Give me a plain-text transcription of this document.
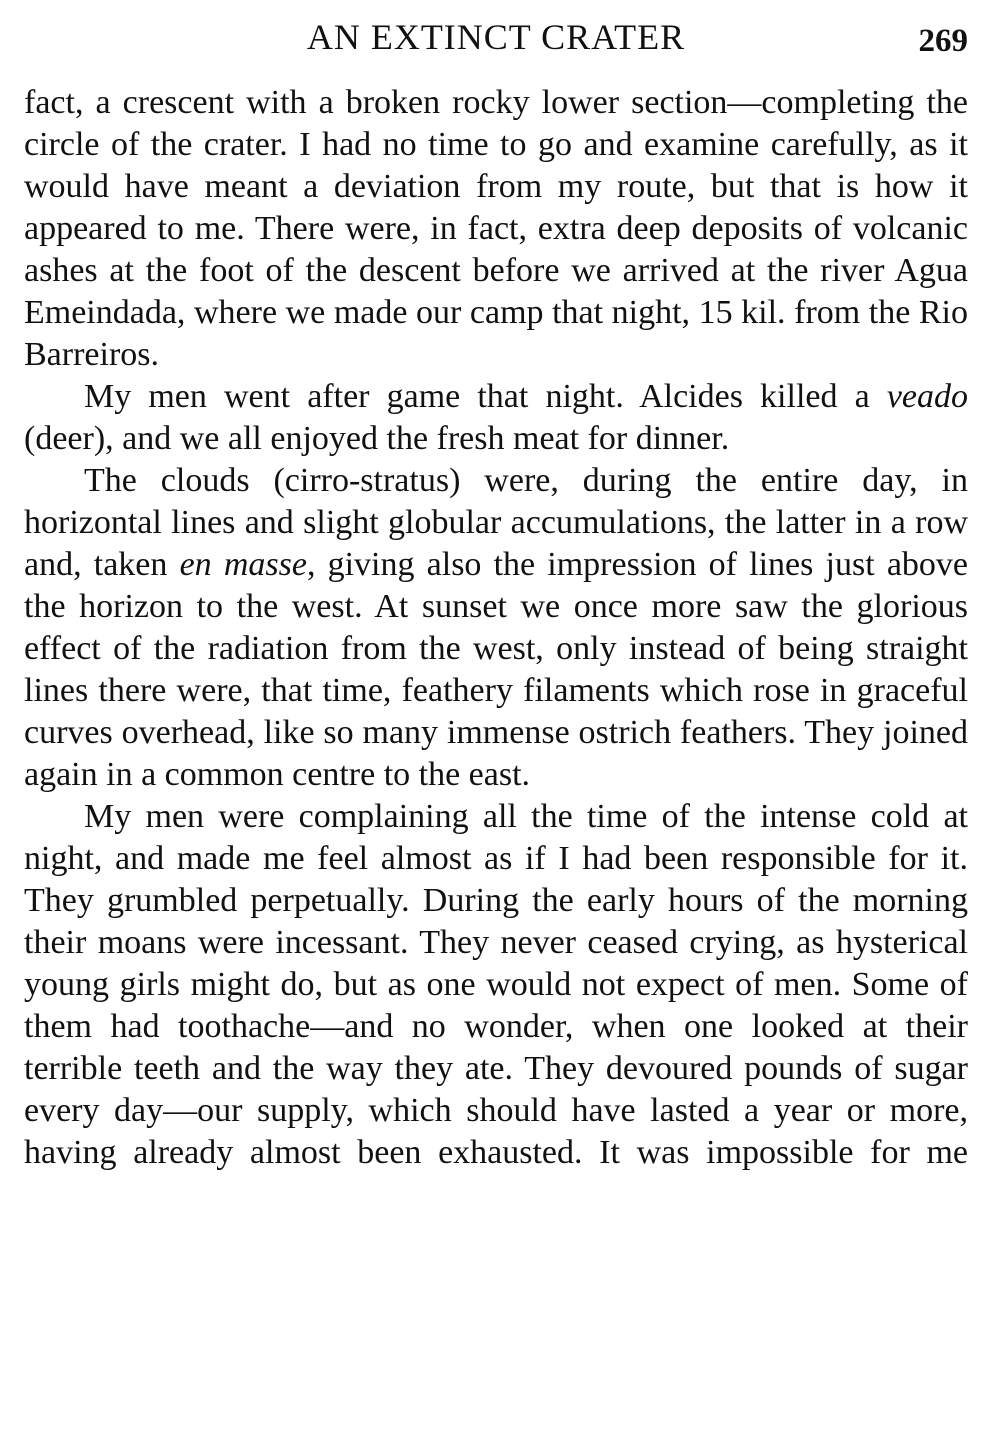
AN EXTINCT CRATER	269

fact, a crescent with a broken rocky lower section—completing the circle of the crater. I had no time to go and examine carefully, as it would have meant a deviation from my route, but that is how it appeared to me. There were, in fact, extra deep deposits of volcanic ashes at the foot of the descent before we arrived at the river Agua Emeindada, where we made our camp that night, 15 kil. from the Rio Barreiros.

My men went after game that night. Alcides killed a veado (deer), and we all enjoyed the fresh meat for dinner.

The clouds (cirro-stratus) were, during the entire day, in horizontal lines and slight globular accumulations, the latter in a row and, taken en masse, giving also the impression of lines just above the horizon to the west. At sunset we once more saw the glorious effect of the radiation from the west, only instead of being straight lines there were, that time, feathery filaments which rose in graceful curves overhead, like so many immense ostrich feathers. They joined again in a common centre to the east.

My men were complaining all the time of the intense cold at night, and made me feel almost as if I had been responsible for it. They grumbled perpetually. During the early hours of the morning their moans were incessant. They never ceased crying, as hysterical young girls might do, but as one would not expect of men. Some of them had toothache—and no wonder, when one looked at their terrible teeth and the way they ate. They devoured pounds of sugar every day—our supply, which should have lasted a year or more, having already almost been exhausted. It was impossible for me
